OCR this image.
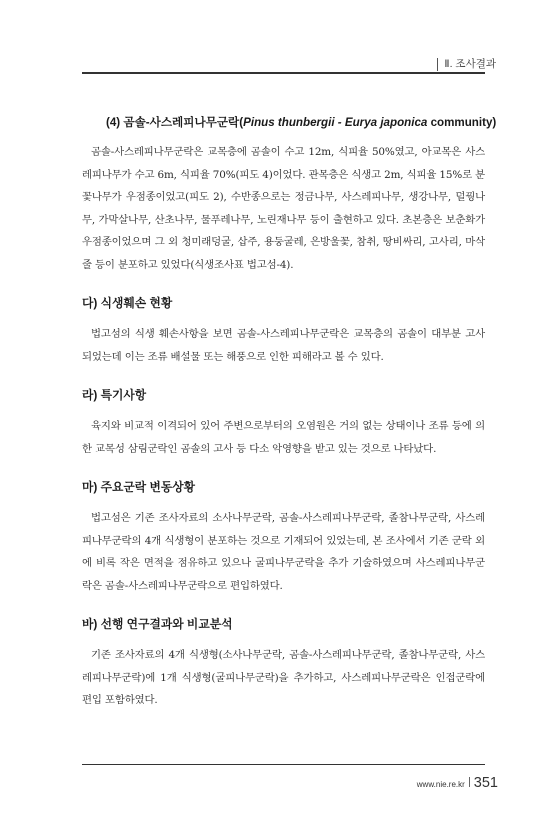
Ⅱ. 조사결과
(4) 곰솔-사스레피나무군락(Pinus thunbergii - Eurya japonica community)

곰솔-사스레피나무군락은 교목층에 곰솔이 수고 12m, 식피율 50%였고, 아교목은 사스레피나무가 수고 6m, 식피율 70%(피도 4)이었다. 관목층은 식생고 2m, 식피율 15%로 분꽃나무가 우점종이었고(피도 2), 수반종으로는 정금나무, 사스레피나무, 생강나무, 덜꿩나무, 가막살나무, 산초나무, 물푸레나무, 노린재나무 등이 출현하고 있다. 초본층은 보춘화가 우점종이었으며 그 외 청미래덩굴, 삽주, 용둥굴레, 은방울꽃, 참취, 땅비싸리, 고사리, 마삭줄 등이 분포하고 있었다(식생조사표 법고섬-4).

다) 식생훼손 현황

법고섬의 식생 훼손사항을 보면 곰솔-사스레피나무군락은 교목층의 곰솔이 대부분 고사되었는데 이는 조류 배설물 또는 해풍으로 인한 피해라고 볼 수 있다.

라) 특기사항

육지와 비교적 이격되어 있어 주변으로부터의 오염원은 거의 없는 상태이나 조류 등에 의한 교목성 삼림군락인 곰솔의 고사 등 다소 악영향을 받고 있는 것으로 나타났다.

마) 주요군락 변동상황

법고섬은 기존 조사자료의 소사나무군락, 곰솔-사스레피나무군락, 졸참나무군락, 사스레피나무군락의 4개 식생형이 분포하는 것으로 기재되어 있었는데, 본 조사에서 기존 군락 외에 비록 작은 면적을 점유하고 있으나 굴피나무군락을 추가 기술하였으며 사스레피나무군락은 곰솔-사스레피나무군락으로 편입하였다.

바) 선행 연구결과와 비교분석

기존 조사자료의 4개 식생형(소사나무군락, 곰솔-사스레피나무군락, 졸참나무군락, 사스레피나무군락)에 1개 식생형(굴피나무군락)을 추가하고, 사스레피나무군락은 인접군락에 편입 포함하였다.

www.nie.re.kr 351
